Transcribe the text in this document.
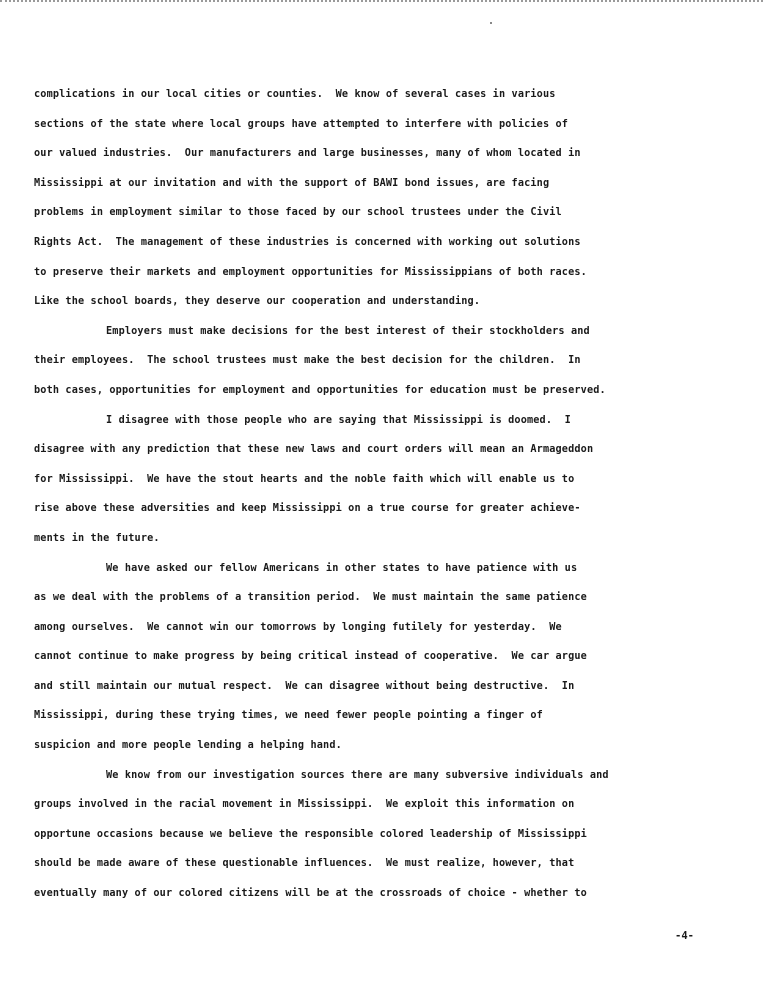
complications in our local cities or counties.  We know of several cases in various
sections of the state where local groups have attempted to interfere with policies of
our valued industries.  Our manufacturers and large businesses, many of whom located in
Mississippi at our invitation and with the support of BAWI bond issues, are facing
problems in employment similar to those faced by our school trustees under the Civil
Rights Act.  The management of these industries is concerned with working out solutions
to preserve their markets and employment opportunities for Mississippians of both races.
Like the school boards, they deserve our cooperation and understanding.
Employers must make decisions for the best interest of their stockholders and
their employees.  The school trustees must make the best decision for the children.  In
both cases, opportunities for employment and opportunities for education must be preserved.
I disagree with those people who are saying that Mississippi is doomed.  I
disagree with any prediction that these new laws and court orders will mean an Armageddon
for Mississippi.  We have the stout hearts and the noble faith which will enable us to
rise above these adversities and keep Mississippi on a true course for greater achieve-
ments in the future.
We have asked our fellow Americans in other states to have patience with us
as we deal with the problems of a transition period.  We must maintain the same patience
among ourselves.  We cannot win our tomorrows by longing futilely for yesterday.  We
cannot continue to make progress by being critical instead of cooperative.  We car argue
and still maintain our mutual respect.  We can disagree without being destructive.  In
Mississippi, during these trying times, we need fewer people pointing a finger of
suspicion and more people lending a helping hand.
We know from our investigation sources there are many subversive individuals and
groups involved in the racial movement in Mississippi.  We exploit this information on
opportune occasions because we believe the responsible colored leadership of Mississippi
should be made aware of these questionable influences.  We must realize, however, that
eventually many of our colored citizens will be at the crossroads of choice - whether to
-4-
